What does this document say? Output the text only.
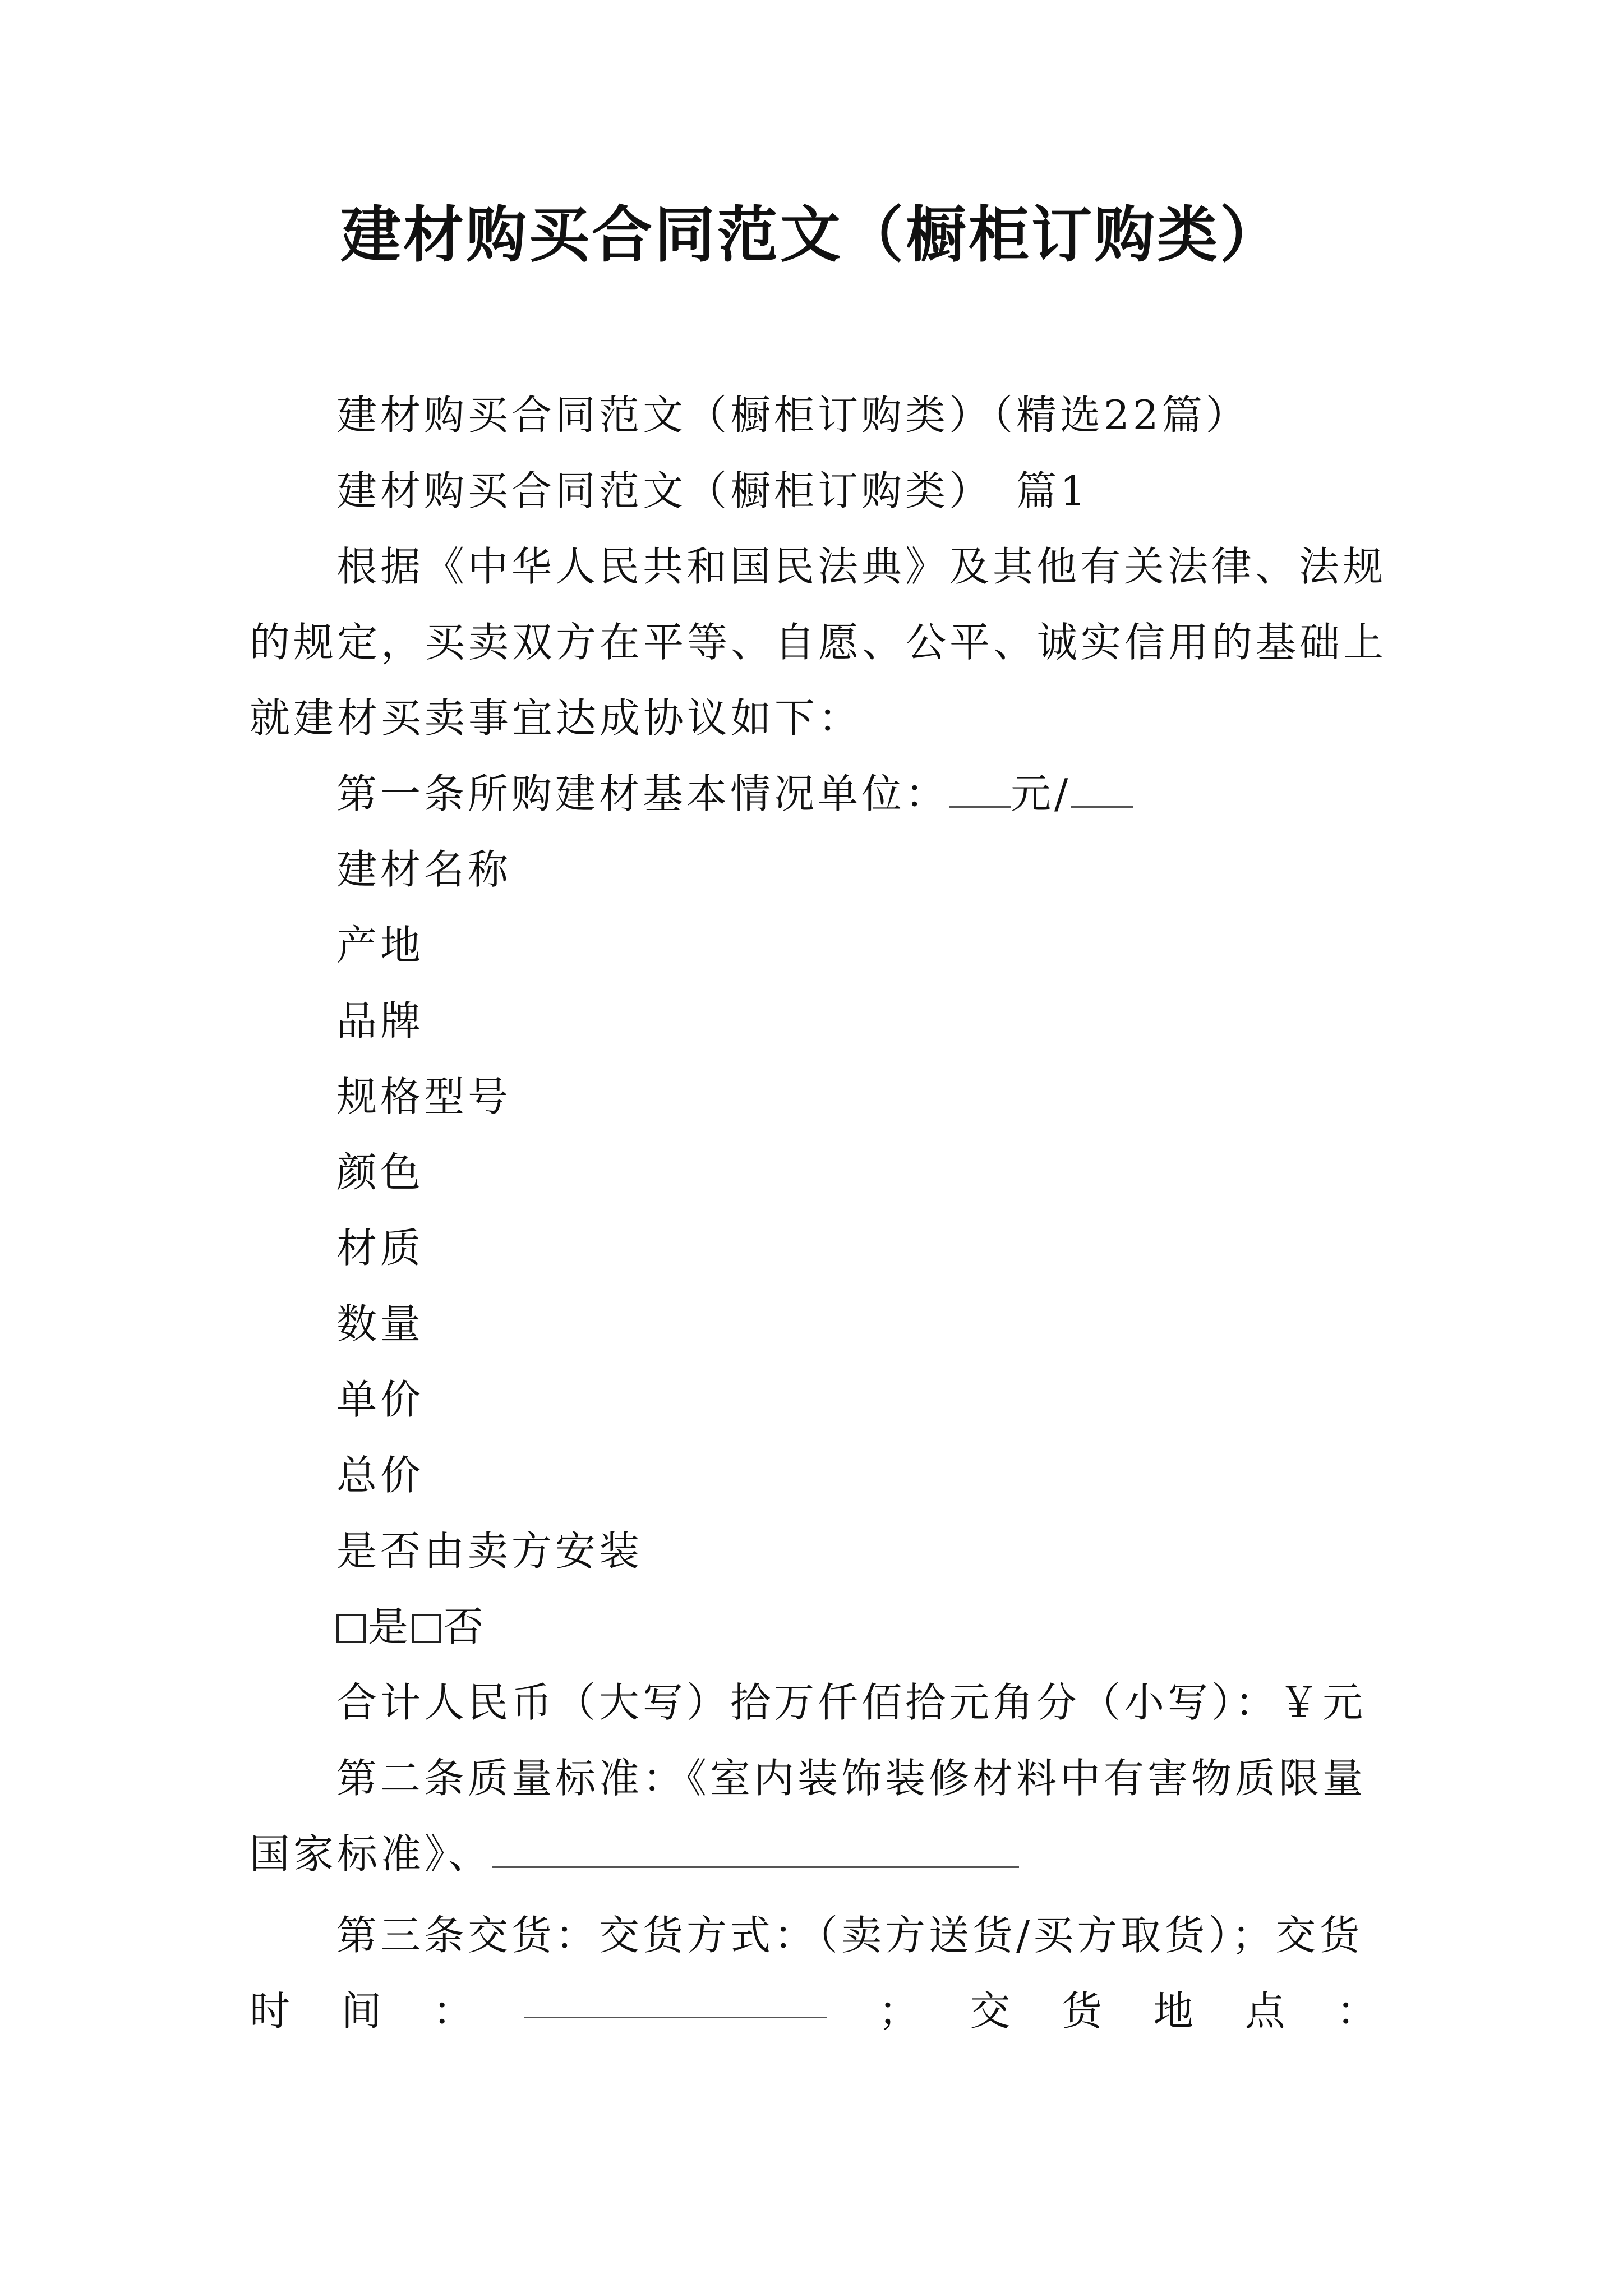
建材购买合同范文（橱柜订购类）
建材购买合同范文（橱柜订购类）（精选22篇）
建材购买合同范文（橱柜订购类）　篇1
根据《中华人民共和国民法典》及其他有关法律、法规
的规定，买卖双方在平等、自愿、公平、诚实信用的基础上
就建材买卖事宜达成协议如下：
第一条所购建材基本情况单位： 元/
建材名称
产地
品牌
规格型号
颜色
材质
数量
单价
总价
是否由卖方安装
是 否
合计人民币（大写）拾万仟佰拾元角分（小写）：￥元
第二条质量标准：《室内装饰装修材料中有害物质限量
国家标准》、
第三条交货：交货方式：（卖方送货/买方取货）；交货
时 间 ：	； 交 货 地 点 ：
